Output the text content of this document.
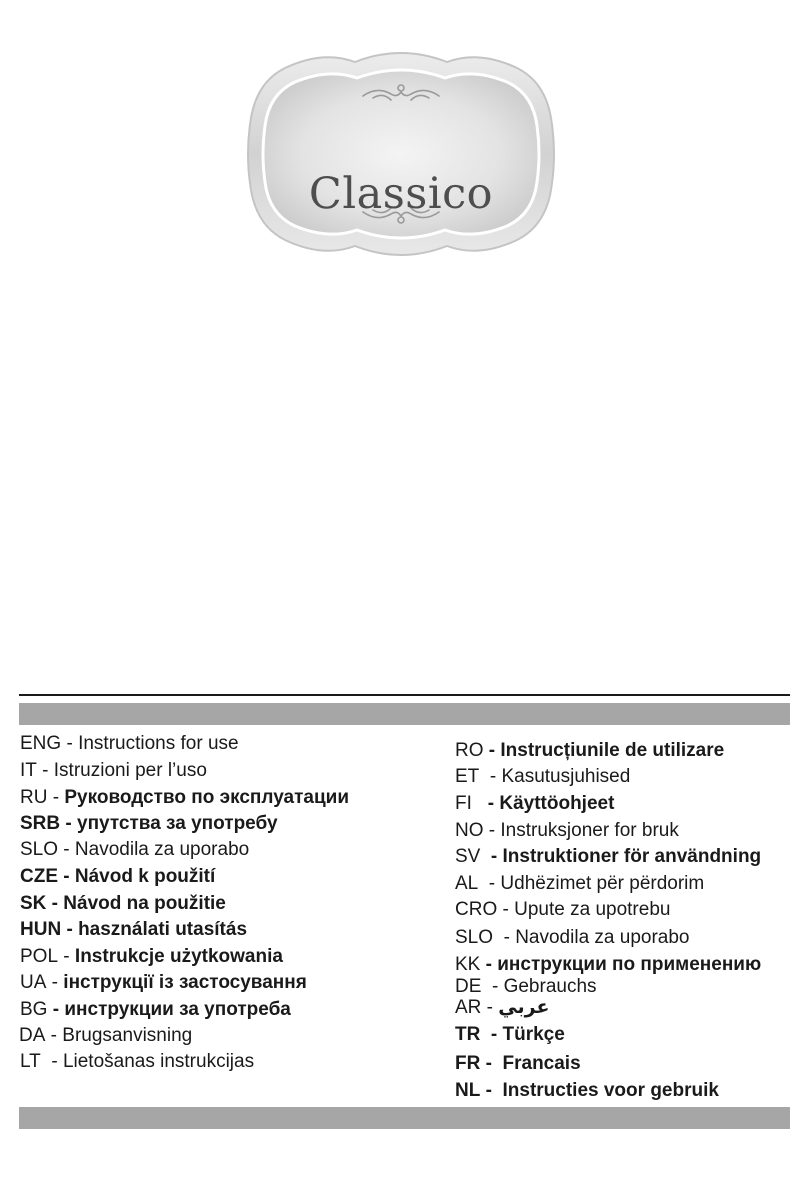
Classico
ENG - Instructions for use
IT - Istruzioni per l’uso
RU - Руководство по эксплуатации
SRB - упутства за употребу
SLO - Navodila za uporabo
CZE - Návod k použití
SK - Návod na použitie
HUN - használati utasítás
POL - Instrukcje użytkowania
UA - інструкції із застосування
BG - инструкции за употреба
DA - Brugsanvisning
LT  - Lietošanas instrukcijas
RO - Instrucțiunile de utilizare
ET  - Kasutusjuhised
FI   - Käyttöohjeet
NO - Instruksjoner for bruk
SV  - Instruktioner för användning
AL  - Udhëzimet për përdorim
CRO - Upute za upotrebu
SLO  - Navodila za uporabo
KK - инструкции по применению
DE  - Gebrauchs
AR - عربي
TR  - Türkçe
FR -  Francais
NL -  Instructies voor gebruik
